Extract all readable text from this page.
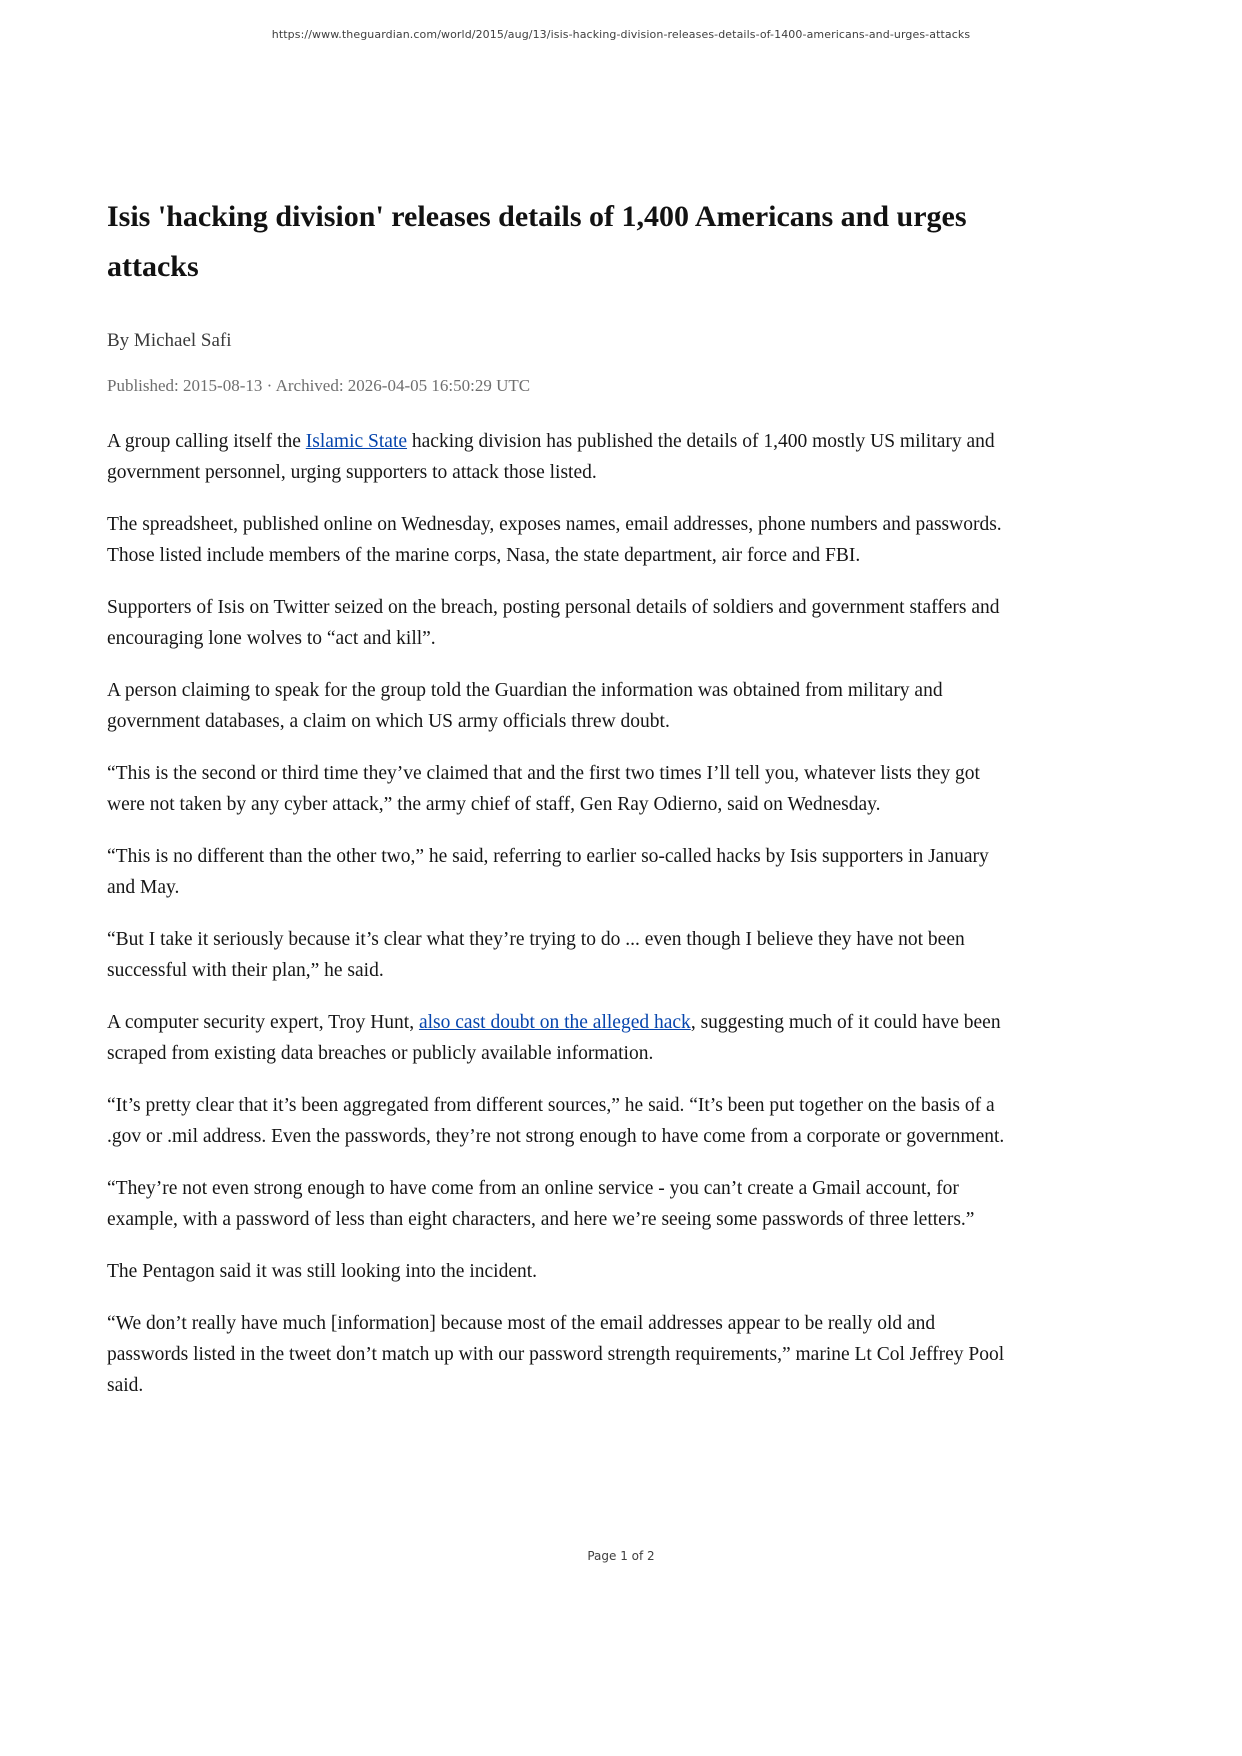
https://www.theguardian.com/world/2015/aug/13/isis-hacking-division-releases-details-of-1400-americans-and-urges-attacks
Isis 'hacking division' releases details of 1,400 Americans and urges attacks
By Michael Safi
Published: 2015-08-13 · Archived: 2026-04-05 16:50:29 UTC

A group calling itself the Islamic State hacking division has published the details of 1,400 mostly US military and government personnel, urging supporters to attack those listed.

The spreadsheet, published online on Wednesday, exposes names, email addresses, phone numbers and passwords. Those listed include members of the marine corps, Nasa, the state department, air force and FBI.

Supporters of Isis on Twitter seized on the breach, posting personal details of soldiers and government staffers and encouraging lone wolves to “act and kill”.

A person claiming to speak for the group told the Guardian the information was obtained from military and government databases, a claim on which US army officials threw doubt.

“This is the second or third time they’ve claimed that and the first two times I’ll tell you, whatever lists they got were not taken by any cyber attack,” the army chief of staff, Gen Ray Odierno, said on Wednesday.

“This is no different than the other two,” he said, referring to earlier so-called hacks by Isis supporters in January and May.

“But I take it seriously because it’s clear what they’re trying to do ... even though I believe they have not been successful with their plan,” he said.

A computer security expert, Troy Hunt, also cast doubt on the alleged hack, suggesting much of it could have been scraped from existing data breaches or publicly available information.

“It’s pretty clear that it’s been aggregated from different sources,” he said. “It’s been put together on the basis of a .gov or .mil address. Even the passwords, they’re not strong enough to have come from a corporate or government.

“They’re not even strong enough to have come from an online service - you can’t create a Gmail account, for example, with a password of less than eight characters, and here we’re seeing some passwords of three letters.”

The Pentagon said it was still looking into the incident.

“We don’t really have much [information] because most of the email addresses appear to be really old and passwords listed in the tweet don’t match up with our password strength requirements,” marine Lt Col Jeffrey Pool said.

Page 1 of 2
